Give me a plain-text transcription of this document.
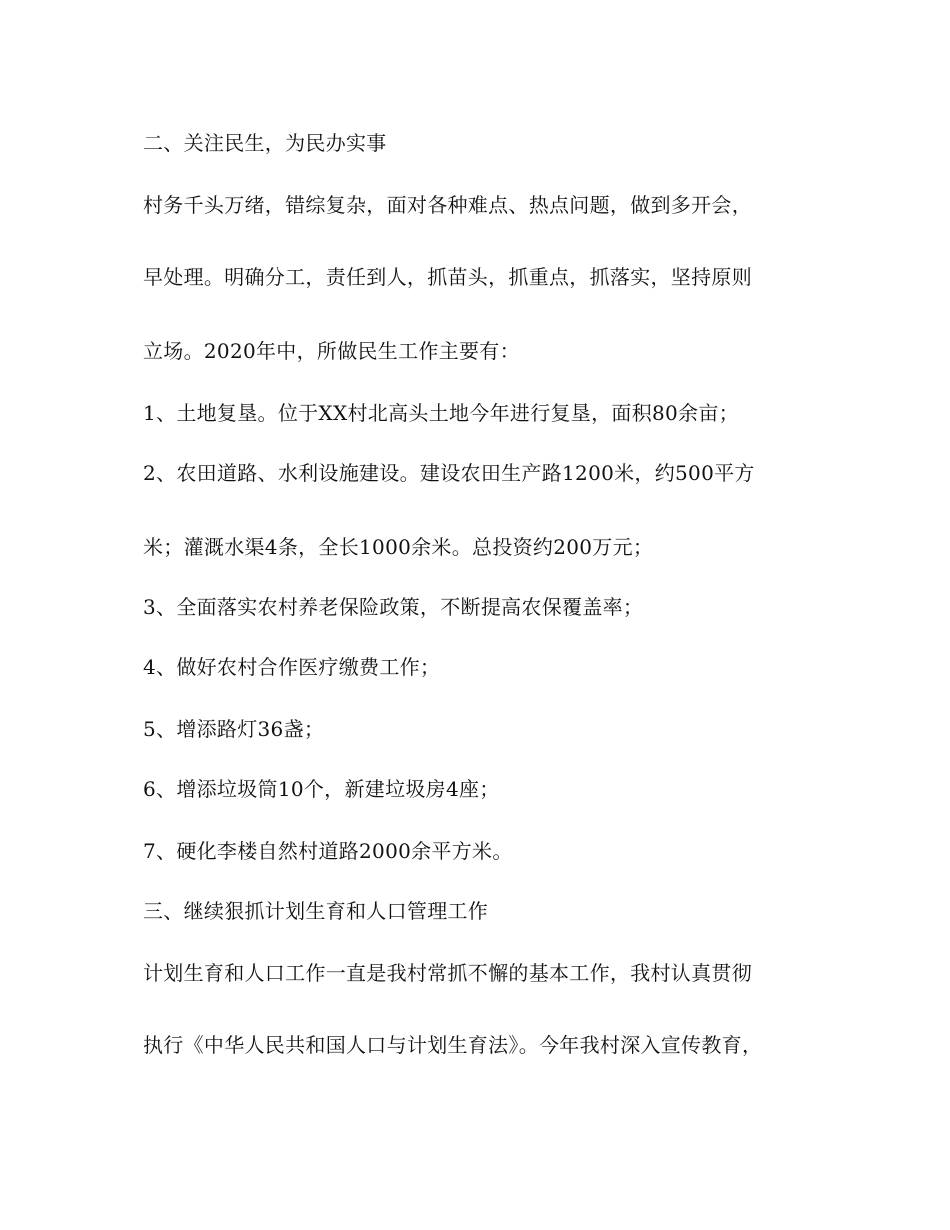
二、关注民生，为民办实事
村务千头万绪，错综复杂，面对各种难点、热点问题，做到多开会，
早处理。明确分工，责任到人，抓苗头，抓重点，抓落实，坚持原则
立场。2020年中，所做民生工作主要有：
1、土地复垦。位于XX村北高头土地今年进行复垦，面积80余亩；
2、农田道路、水利设施建设。建设农田生产路1200米，约500平方
米；灌溉水渠4条，全长1000余米。总投资约200万元；
3、全面落实农村养老保险政策，不断提高农保覆盖率；
4、做好农村合作医疗缴费工作；
5、增添路灯36盏；
6、增添垃圾筒10个，新建垃圾房4座；
7、硬化李楼自然村道路2000余平方米。
三、继续狠抓计划生育和人口管理工作
计划生育和人口工作一直是我村常抓不懈的基本工作，我村认真贯彻
执行《中华人民共和国人口与计划生育法》。今年我村深入宣传教育，
